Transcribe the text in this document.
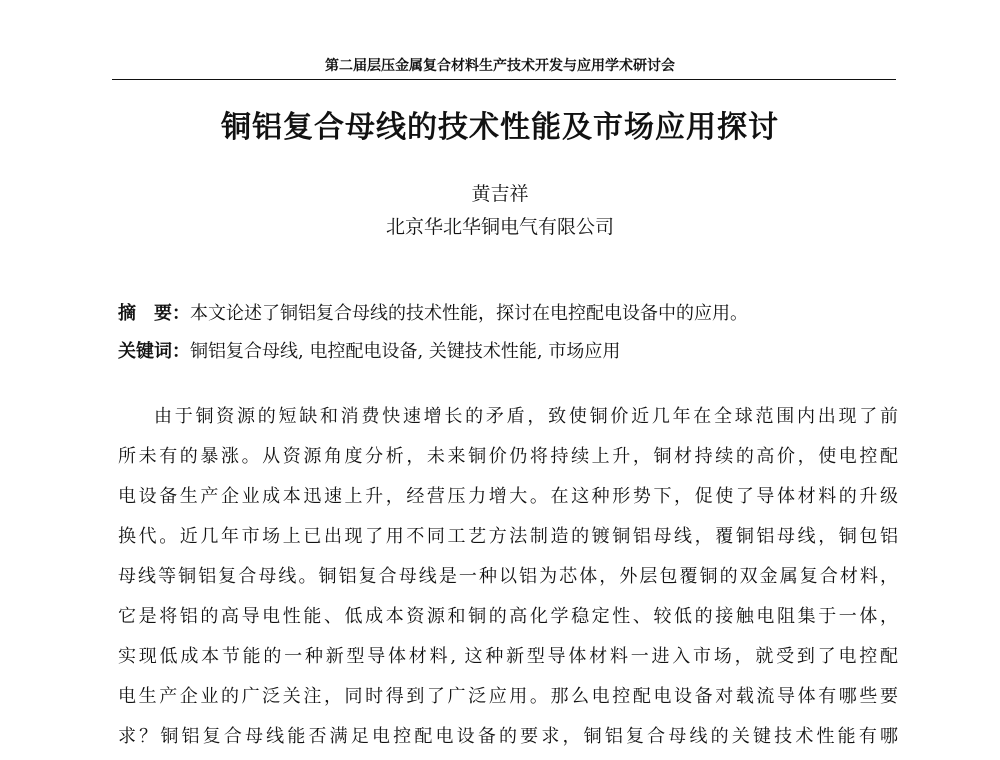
第二届层压金属复合材料生产技术开发与应用学术研讨会
铜铝复合母线的技术性能及市场应用探讨
黄吉祥
北京华北华铜电气有限公司
摘　要：本文论述了铜铝复合母线的技术性能，探讨在电控配电设备中的应用。
关键词：铜铝复合母线, 电控配电设备, 关键技术性能, 市场应用
由于铜资源的短缺和消费快速增长的矛盾，致使铜价近几年在全球范围内出现了前
所未有的暴涨。从资源角度分析，未来铜价仍将持续上升，铜材持续的高价，使电控配
电设备生产企业成本迅速上升，经营压力增大。在这种形势下，促使了导体材料的升级
换代。近几年市场上已出现了用不同工艺方法制造的镀铜铝母线，覆铜铝母线，铜包铝
母线等铜铝复合母线。铜铝复合母线是一种以铝为芯体，外层包覆铜的双金属复合材料，
它是将铝的高导电性能、低成本资源和铜的高化学稳定性、较低的接触电阻集于一体，
实现低成本节能的一种新型导体材料, 这种新型导体材料一进入市场，就受到了电控配
电生产企业的广泛关注，同时得到了广泛应用。那么电控配电设备对载流导体有哪些要
求？铜铝复合母线能否满足电控配电设备的要求，铜铝复合母线的关键技术性能有哪
